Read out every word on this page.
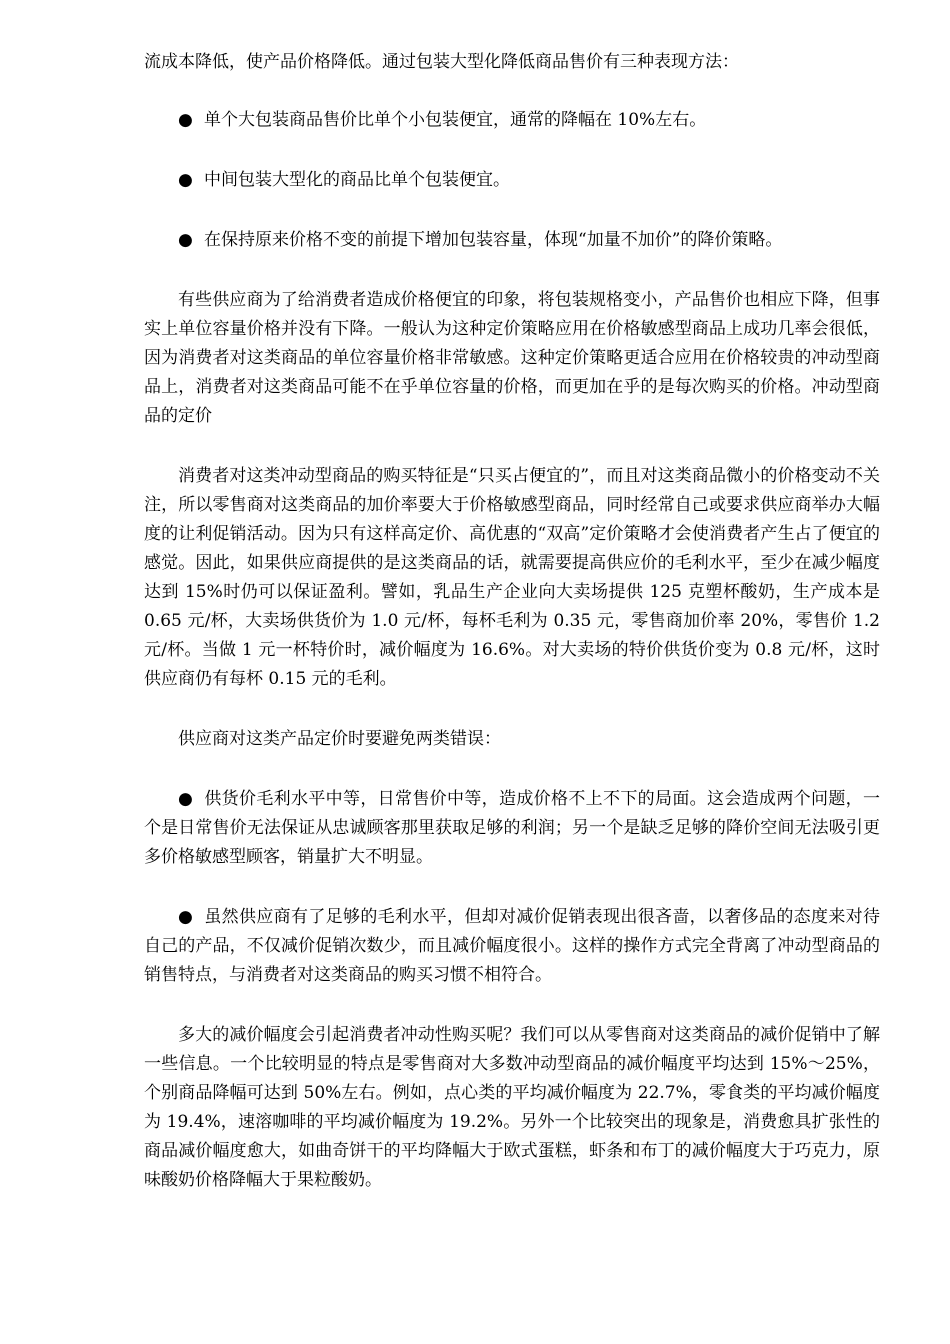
流成本降低，使产品价格降低。通过包装大型化降低商品售价有三种表现方法：

● 单个大包装商品售价比单个小包装便宜，通常的降幅在 10%左右。

● 中间包装大型化的商品比单个包装便宜。

● 在保持原来价格不变的前提下增加包装容量，体现“加量不加价”的降价策略。

有些供应商为了给消费者造成价格便宜的印象，将包装规格变小，产品售价也相应下降，但事实上单位容量价格并没有下降。一般认为这种定价策略应用在价格敏感型商品上成功几率会很低，因为消费者对这类商品的单位容量价格非常敏感。这种定价策略更适合应用在价格较贵的冲动型商品上，消费者对这类商品可能不在乎单位容量的价格，而更加在乎的是每次购买的价格。冲动型商品的定价

消费者对这类冲动型商品的购买特征是“只买占便宜的”，而且对这类商品微小的价格变动不关注，所以零售商对这类商品的加价率要大于价格敏感型商品，同时经常自己或要求供应商举办大幅度的让利促销活动。因为只有这样高定价、高优惠的“双高”定价策略才会使消费者产生占了便宜的感觉。因此，如果供应商提供的是这类商品的话，就需要提高供应价的毛利水平，至少在减少幅度达到 15%时仍可以保证盈利。譬如，乳品生产企业向大卖场提供 125 克塑杯酸奶，生产成本是 0.65 元/杯，大卖场供货价为 1.0 元/杯，每杯毛利为 0.35 元，零售商加价率 20%，零售价 1.2 元/杯。当做 1 元一杯特价时，减价幅度为 16.6%。对大卖场的特价供货价变为 0.8 元/杯，这时供应商仍有每杯 0.15 元的毛利。

供应商对这类产品定价时要避免两类错误：

● 供货价毛利水平中等，日常售价中等，造成价格不上不下的局面。这会造成两个问题，一个是日常售价无法保证从忠诚顾客那里获取足够的利润；另一个是缺乏足够的降价空间无法吸引更多价格敏感型顾客，销量扩大不明显。

● 虽然供应商有了足够的毛利水平，但却对减价促销表现出很吝啬，以奢侈品的态度来对待自己的产品，不仅减价促销次数少，而且减价幅度很小。这样的操作方式完全背离了冲动型商品的销售特点，与消费者对这类商品的购买习惯不相符合。

多大的减价幅度会引起消费者冲动性购买呢？我们可以从零售商对这类商品的减价促销中了解一些信息。一个比较明显的特点是零售商对大多数冲动型商品的减价幅度平均达到 15%～25%，个别商品降幅可达到 50%左右。例如，点心类的平均减价幅度为 22.7%，零食类的平均减价幅度为 19.4%，速溶咖啡的平均减价幅度为 19.2%。另外一个比较突出的现象是，消费愈具扩张性的商品减价幅度愈大，如曲奇饼干的平均降幅大于欧式蛋糕，虾条和布丁的减价幅度大于巧克力，原味酸奶价格降幅大于果粒酸奶。
